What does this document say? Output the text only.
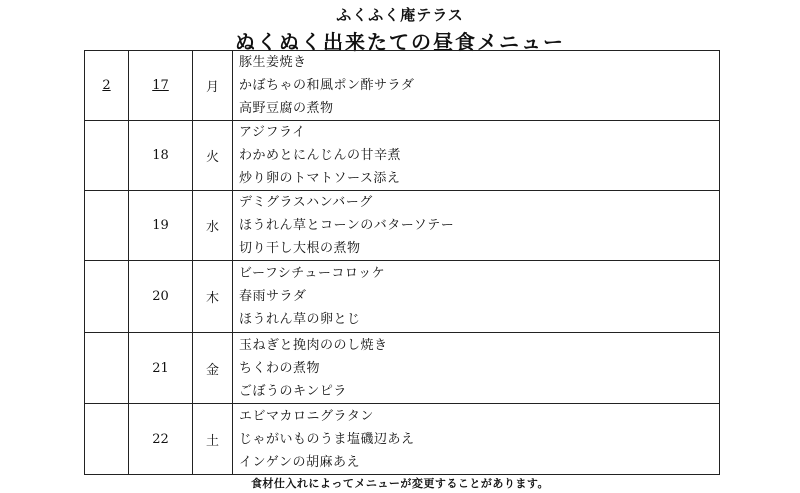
ふくふく庵テラス
ぬくぬく出来たての昼食メニュー
2	17	月	豚生姜焼き
かぼちゃの和風ポン酢サラダ
高野豆腐の煮物

	18	火	アジフライ
わかめとにんじんの甘辛煮
炒り卵のトマトソース添え

	19	水	デミグラスハンバーグ
ほうれん草とコーンのバターソテー
切り干し大根の煮物

	20	木	ビーフシチューコロッケ
春雨サラダ
ほうれん草の卵とじ

	21	金	玉ねぎと挽肉ののし焼き
ちくわの煮物
ごぼうのキンピラ

	22	土	エビマカロニグラタン
じゃがいものうま塩磯辺あえ
インゲンの胡麻あえ
食材仕入れによってメニューが変更することがあります。
